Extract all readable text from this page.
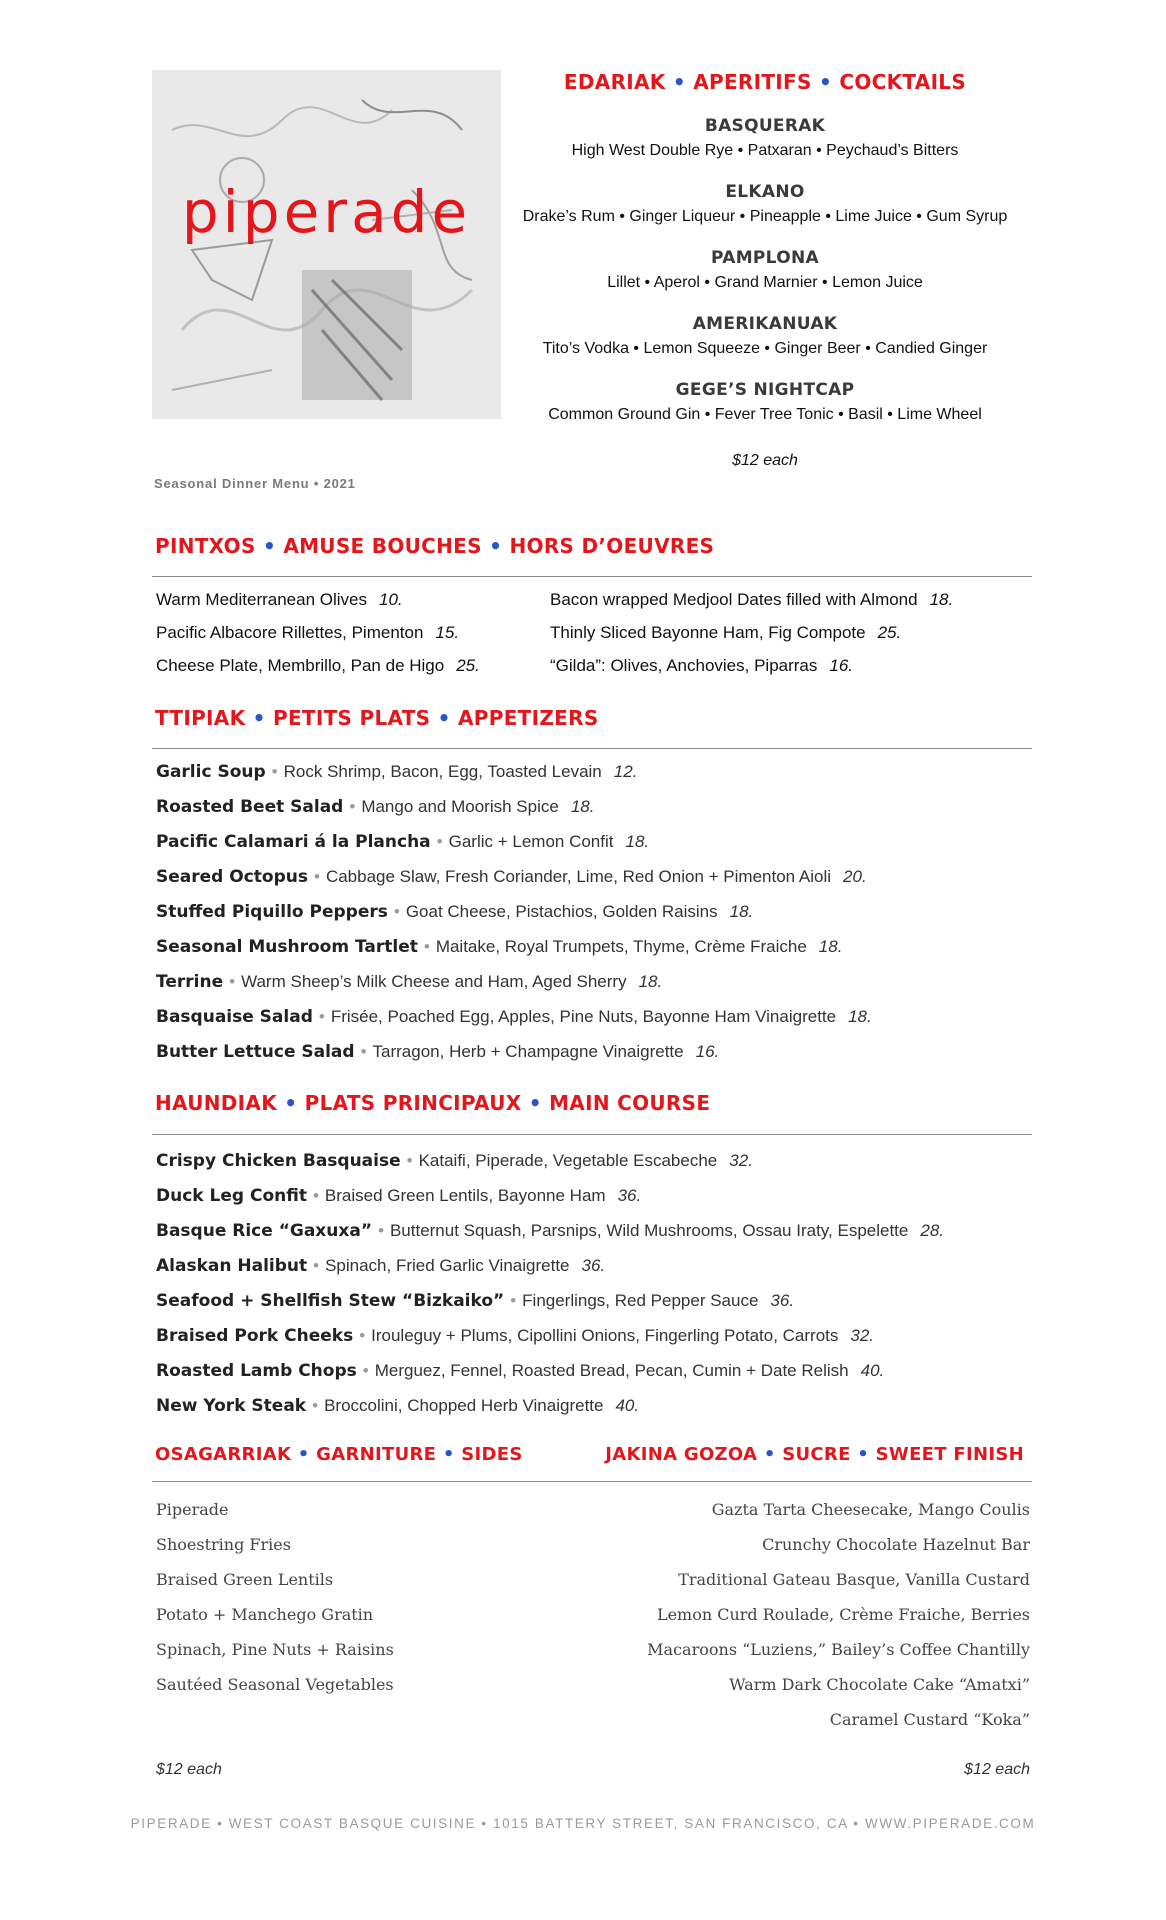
piperade
Seasonal Dinner Menu • 2021
EDARIAK • APERITIFS • COCKTAILS
BASQUERAK
High West Double Rye • Patxaran • Peychaud’s Bitters
ELKANO
Drake’s Rum • Ginger Liqueur • Pineapple • Lime Juice • Gum Syrup
PAMPLONA
Lillet • Aperol • Grand Marnier • Lemon Juice
AMERIKANUAK
Tito’s Vodka • Lemon Squeeze • Ginger Beer • Candied Ginger
GEGE’S NIGHTCAP
Common Ground Gin • Fever Tree Tonic • Basil • Lime Wheel
$12 each
PINTXOS • AMUSE BOUCHES • HORS D’OEUVRES
Warm Mediterranean Olives 10.
Pacific Albacore Rillettes, Pimenton 15.
Cheese Plate, Membrillo, Pan de Higo 25.
Bacon wrapped Medjool Dates filled with Almond 18.
Thinly Sliced Bayonne Ham, Fig Compote 25.
“Gilda”: Olives, Anchovies, Piparras 16.
TTIPIAK • PETITS PLATS • APPETIZERS
Garlic Soup • Rock Shrimp, Bacon, Egg, Toasted Levain 12.
Roasted Beet Salad • Mango and Moorish Spice 18.
Pacific Calamari á la Plancha • Garlic + Lemon Confit 18.
Seared Octopus • Cabbage Slaw, Fresh Coriander, Lime, Red Onion + Pimenton Aioli 20.
Stuffed Piquillo Peppers • Goat Cheese, Pistachios, Golden Raisins 18.
Seasonal Mushroom Tartlet • Maitake, Royal Trumpets, Thyme, Crème Fraiche 18.
Terrine • Warm Sheep’s Milk Cheese and Ham, Aged Sherry 18.
Basquaise Salad • Frisée, Poached Egg, Apples, Pine Nuts, Bayonne Ham Vinaigrette 18.
Butter Lettuce Salad • Tarragon, Herb + Champagne Vinaigrette 16.
HAUNDIAK • PLATS PRINCIPAUX • MAIN COURSE
Crispy Chicken Basquaise • Kataifi, Piperade, Vegetable Escabeche 32.
Duck Leg Confit • Braised Green Lentils, Bayonne Ham 36.
Basque Rice “Gaxuxa” • Butternut Squash, Parsnips, Wild Mushrooms, Ossau Iraty, Espelette 28.
Alaskan Halibut • Spinach, Fried Garlic Vinaigrette 36.
Seafood + Shellfish Stew “Bizkaiko” • Fingerlings, Red Pepper Sauce 36.
Braised Pork Cheeks • Irouleguy + Plums, Cipollini Onions, Fingerling Potato, Carrots 32.
Roasted Lamb Chops • Merguez, Fennel, Roasted Bread, Pecan, Cumin + Date Relish 40.
New York Steak • Broccolini, Chopped Herb Vinaigrette 40.
OSAGARRIAK • GARNITURE • SIDES	JAKINA GOZOA • SUCRE • SWEET FINISH
Piperade
Shoestring Fries
Braised Green Lentils
Potato + Manchego Gratin
Spinach, Pine Nuts + Raisins
Sautéed Seasonal Vegetables
Gazta Tarta Cheesecake, Mango Coulis
Crunchy Chocolate Hazelnut Bar
Traditional Gateau Basque, Vanilla Custard
Lemon Curd Roulade, Crème Fraiche, Berries
Macaroons “Luziens,” Bailey’s Coffee Chantilly
Warm Dark Chocolate Cake “Amatxi”
Caramel Custard “Koka”
$12 each	$12 each
PIPERADE • WEST COAST BASQUE CUISINE • 1015 BATTERY STREET, SAN FRANCISCO, CA • WWW.PIPERADE.COM
